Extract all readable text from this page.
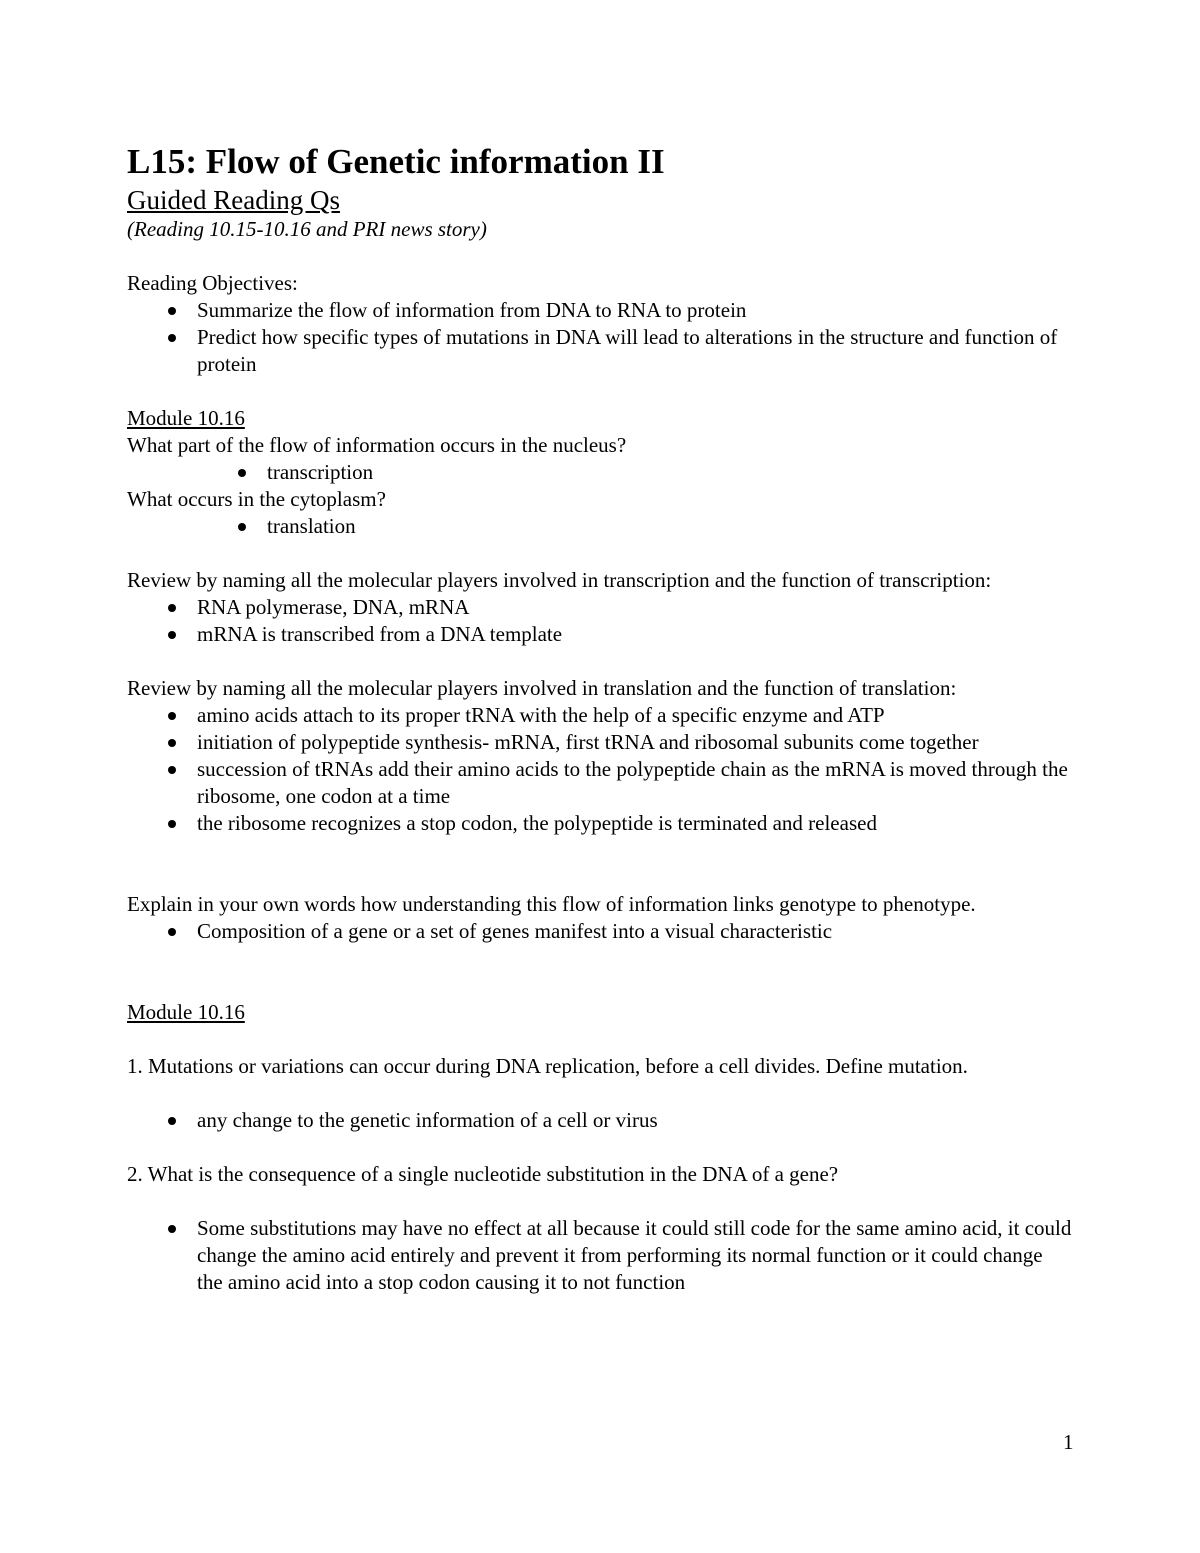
L15: Flow of Genetic information II

Guided Reading Qs

(Reading 10.15-10.16 and PRI news story)

Reading Objectives:

Summarize the flow of information from DNA to RNA to protein
Predict how specific types of mutations in DNA will lead to alterations in the structure and function of protein

Module 10.16

What part of the flow of information occurs in the nucleus?

transcription

What occurs in the cytoplasm?

translation

Review by naming all the molecular players involved in transcription and the function of transcription:

RNA polymerase, DNA, mRNA
mRNA is transcribed from a DNA template

Review by naming all the molecular players involved in translation and the function of translation:

amino acids attach to its proper tRNA with the help of a specific enzyme and ATP
initiation of polypeptide synthesis- mRNA, first tRNA and ribosomal subunits come together
succession of tRNAs add their amino acids to the polypeptide chain as the mRNA is moved through the ribosome, one codon at a time
the ribosome recognizes a stop codon, the polypeptide is terminated and released

Explain in your own words how understanding this flow of information links genotype to phenotype.

Composition of a gene or a set of genes manifest into a visual characteristic

Module 10.16

1. Mutations or variations can occur during DNA replication, before a cell divides. Define mutation.

any change to the genetic information of a cell or virus

2. What is the consequence of a single nucleotide substitution in the DNA of a gene?

Some substitutions may have no effect at all because it could still code for the same amino acid, it could change the amino acid entirely and prevent it from performing its normal function or it could change the amino acid into a stop codon causing it to not function
1
